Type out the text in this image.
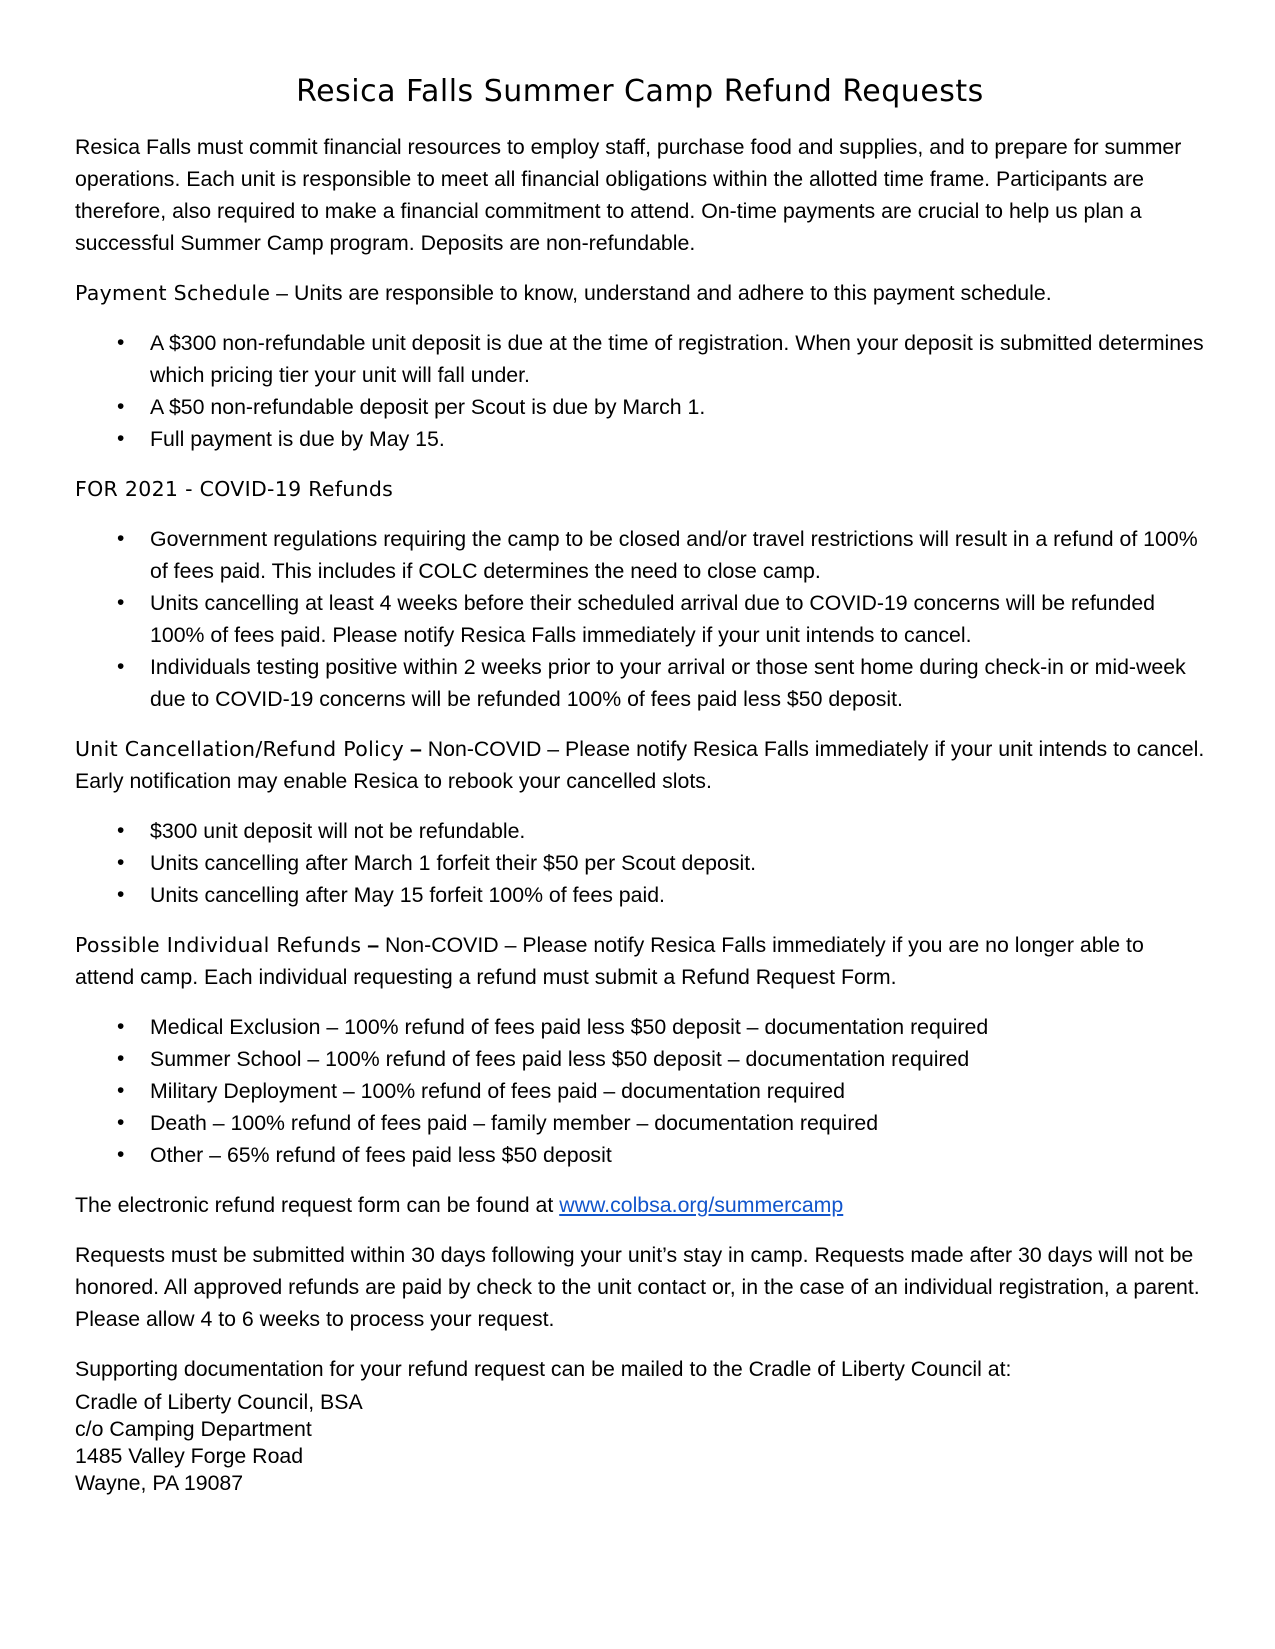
Resica Falls Summer Camp Refund Requests

Resica Falls must commit financial resources to employ staff, purchase food and supplies, and to prepare for summer operations. Each unit is responsible to meet all financial obligations within the allotted time frame. Participants are therefore, also required to make a financial commitment to attend. On-time payments are crucial to help us plan a successful Summer Camp program. Deposits are non-refundable.

Payment Schedule – Units are responsible to know, understand and adhere to this payment schedule.

• A $300 non-refundable unit deposit is due at the time of registration. When your deposit is submitted determines which pricing tier your unit will fall under.
• A $50 non-refundable deposit per Scout is due by March 1.
• Full payment is due by May 15.

FOR 2021 - COVID-19 Refunds

• Government regulations requiring the camp to be closed and/or travel restrictions will result in a refund of 100% of fees paid. This includes if COLC determines the need to close camp.
• Units cancelling at least 4 weeks before their scheduled arrival due to COVID-19 concerns will be refunded 100% of fees paid. Please notify Resica Falls immediately if your unit intends to cancel.
• Individuals testing positive within 2 weeks prior to your arrival or those sent home during check-in or mid-week due to COVID-19 concerns will be refunded 100% of fees paid less $50 deposit.

Unit Cancellation/Refund Policy – Non-COVID – Please notify Resica Falls immediately if your unit intends to cancel. Early notification may enable Resica to rebook your cancelled slots.

• $300 unit deposit will not be refundable.
• Units cancelling after March 1 forfeit their $50 per Scout deposit.
• Units cancelling after May 15 forfeit 100% of fees paid.

Possible Individual Refunds – Non-COVID – Please notify Resica Falls immediately if you are no longer able to attend camp. Each individual requesting a refund must submit a Refund Request Form.

• Medical Exclusion – 100% refund of fees paid less $50 deposit – documentation required
• Summer School – 100% refund of fees paid less $50 deposit – documentation required
• Military Deployment – 100% refund of fees paid – documentation required
• Death – 100% refund of fees paid – family member – documentation required
• Other – 65% refund of fees paid less $50 deposit

The electronic refund request form can be found at www.colbsa.org/summercamp

Requests must be submitted within 30 days following your unit’s stay in camp. Requests made after 30 days will not be honored. All approved refunds are paid by check to the unit contact or, in the case of an individual registration, a parent. Please allow 4 to 6 weeks to process your request.

Supporting documentation for your refund request can be mailed to the Cradle of Liberty Council at:

Cradle of Liberty Council, BSA
c/o Camping Department
1485 Valley Forge Road
Wayne, PA 19087
